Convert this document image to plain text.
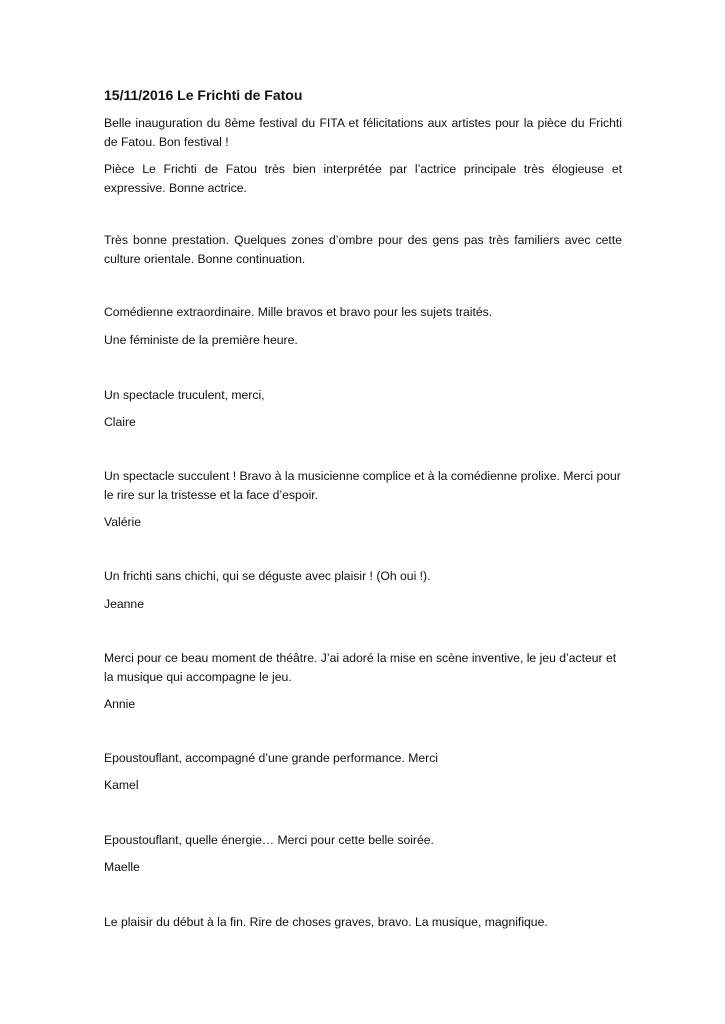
15/11/2016 Le Frichti de Fatou

Belle inauguration du 8ème festival du FITA et félicitations aux artistes pour la pièce du Frichti de Fatou. Bon festival !

Pièce Le Frichti de Fatou très bien interprétée par l’actrice principale très élogieuse et expressive. Bonne actrice.

Très bonne prestation. Quelques zones d’ombre pour des gens pas très familiers avec cette culture orientale. Bonne continuation.

Comédienne extraordinaire. Mille bravos et bravo pour les sujets traités.

Une féministe de la première heure.

Un spectacle truculent, merci,

Claire

Un spectacle succulent ! Bravo à la musicienne complice et à la comédienne prolixe. Merci pour le rire sur la tristesse et la face d’espoir.

Valérie

Un frichti sans chichi, qui se déguste avec plaisir ! (Oh oui !).

Jeanne

Merci pour ce beau moment de théâtre. J’ai adoré la mise en scène inventive, le jeu d’acteur et la musique qui accompagne le jeu.

Annie

Epoustouflant, accompagné d’une grande performance. Merci

Kamel

Epoustouflant, quelle énergie… Merci pour cette belle soirée.

Maelle

Le plaisir du début à la fin. Rire de choses graves, bravo. La musique, magnifique.
